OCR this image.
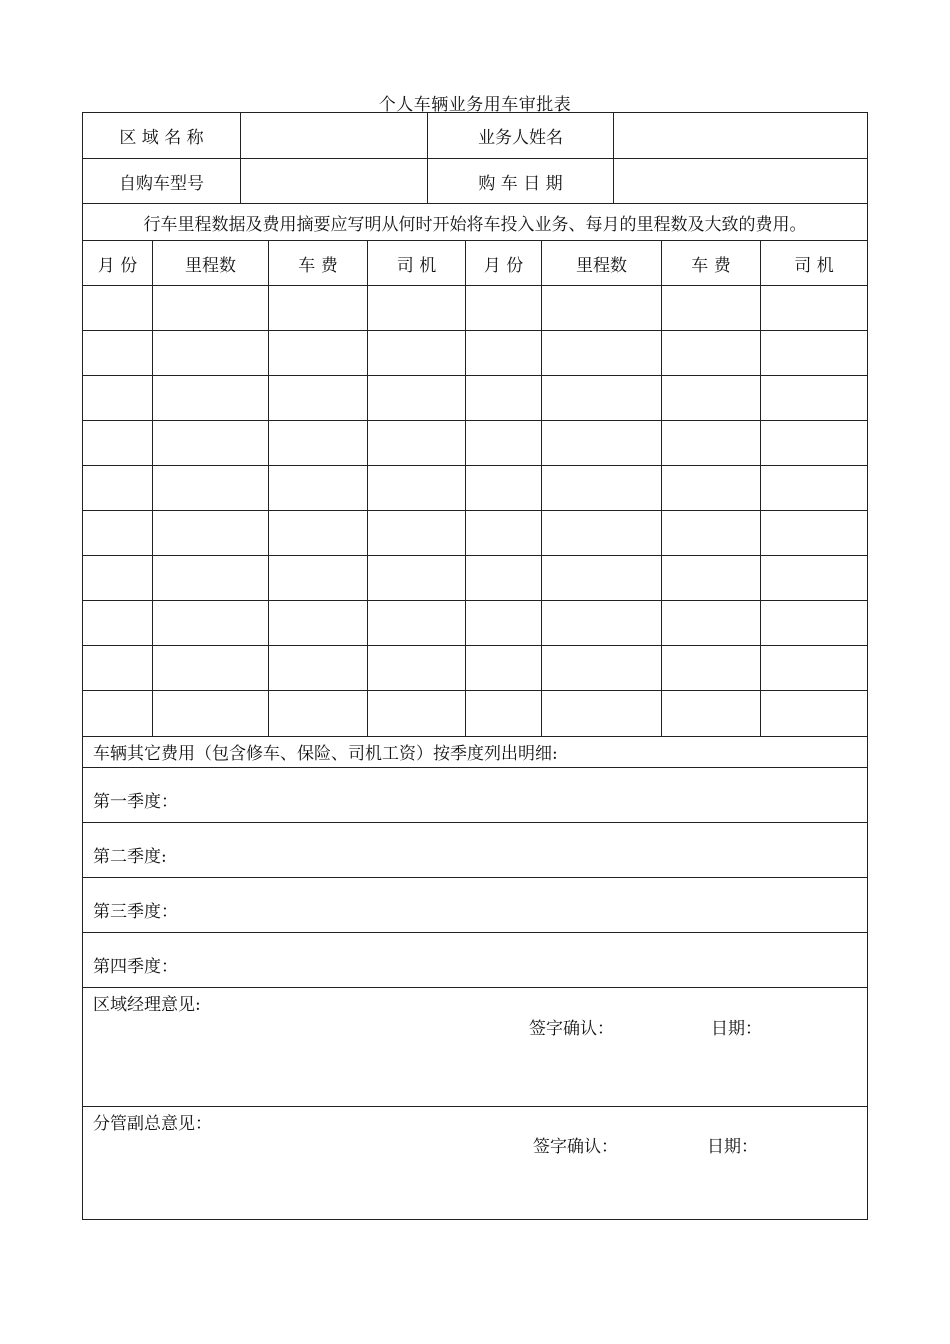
个人车辆业务用车审批表
区 域 名 称	业务人姓名
自购车型号	购 车 日 期
行车里程数据及费用摘要应写明从何时开始将车投入业务、每月的里程数及大致的费用。
月 份	里程数	车 费	司 机	月 份	里程数	车 费	司 机
车辆其它费用（包含修车、保险、司机工资）按季度列出明细:
第一季度：
第二季度:
第三季度：
第四季度：
区域经理意见:
签字确认：	日期：
分管副总意见：
签字确认：	日期：
